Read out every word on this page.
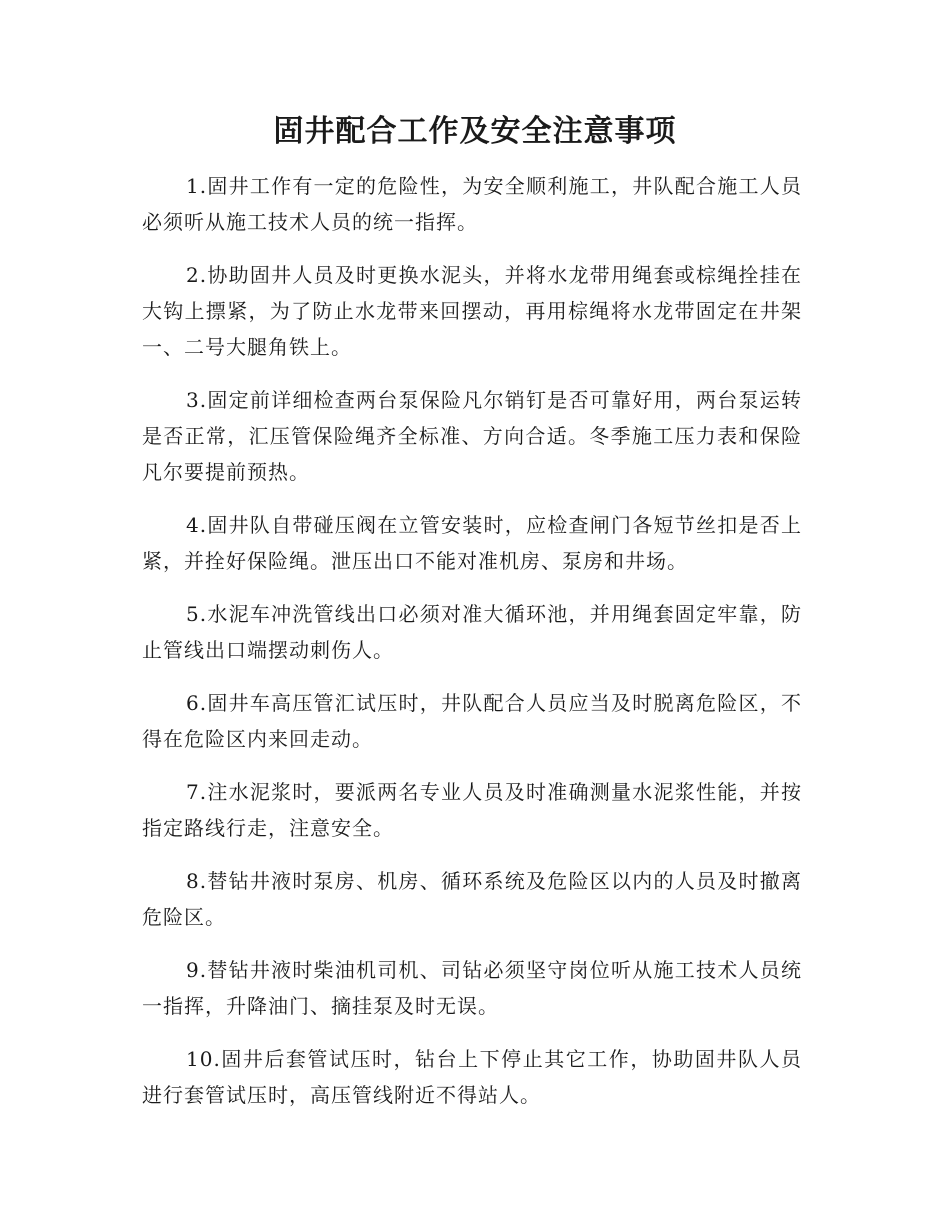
固井配合工作及安全注意事项

1.固井工作有一定的危险性，为安全顺利施工，井队配合施工人员必须听从施工技术人员的统一指挥。

2.协助固井人员及时更换水泥头，并将水龙带用绳套或棕绳拴挂在大钩上摽紧，为了防止水龙带来回摆动，再用棕绳将水龙带固定在井架一、二号大腿角铁上。

3.固定前详细检查两台泵保险凡尔销钉是否可靠好用，两台泵运转是否正常，汇压管保险绳齐全标准、方向合适。冬季施工压力表和保险凡尔要提前预热。

4.固井队自带碰压阀在立管安装时，应检查闸门各短节丝扣是否上紧，并拴好保险绳。泄压出口不能对准机房、泵房和井场。

5.水泥车冲洗管线出口必须对准大循环池，并用绳套固定牢靠，防止管线出口端摆动刺伤人。

6.固井车高压管汇试压时，井队配合人员应当及时脱离危险区，不得在危险区内来回走动。

7.注水泥浆时，要派两名专业人员及时准确测量水泥浆性能，并按指定路线行走，注意安全。

8.替钻井液时泵房、机房、循环系统及危险区以内的人员及时撤离危险区。

9.替钻井液时柴油机司机、司钻必须坚守岗位听从施工技术人员统一指挥，升降油门、摘挂泵及时无误。

10.固井后套管试压时，钻台上下停止其它工作，协助固井队人员进行套管试压时，高压管线附近不得站人。
